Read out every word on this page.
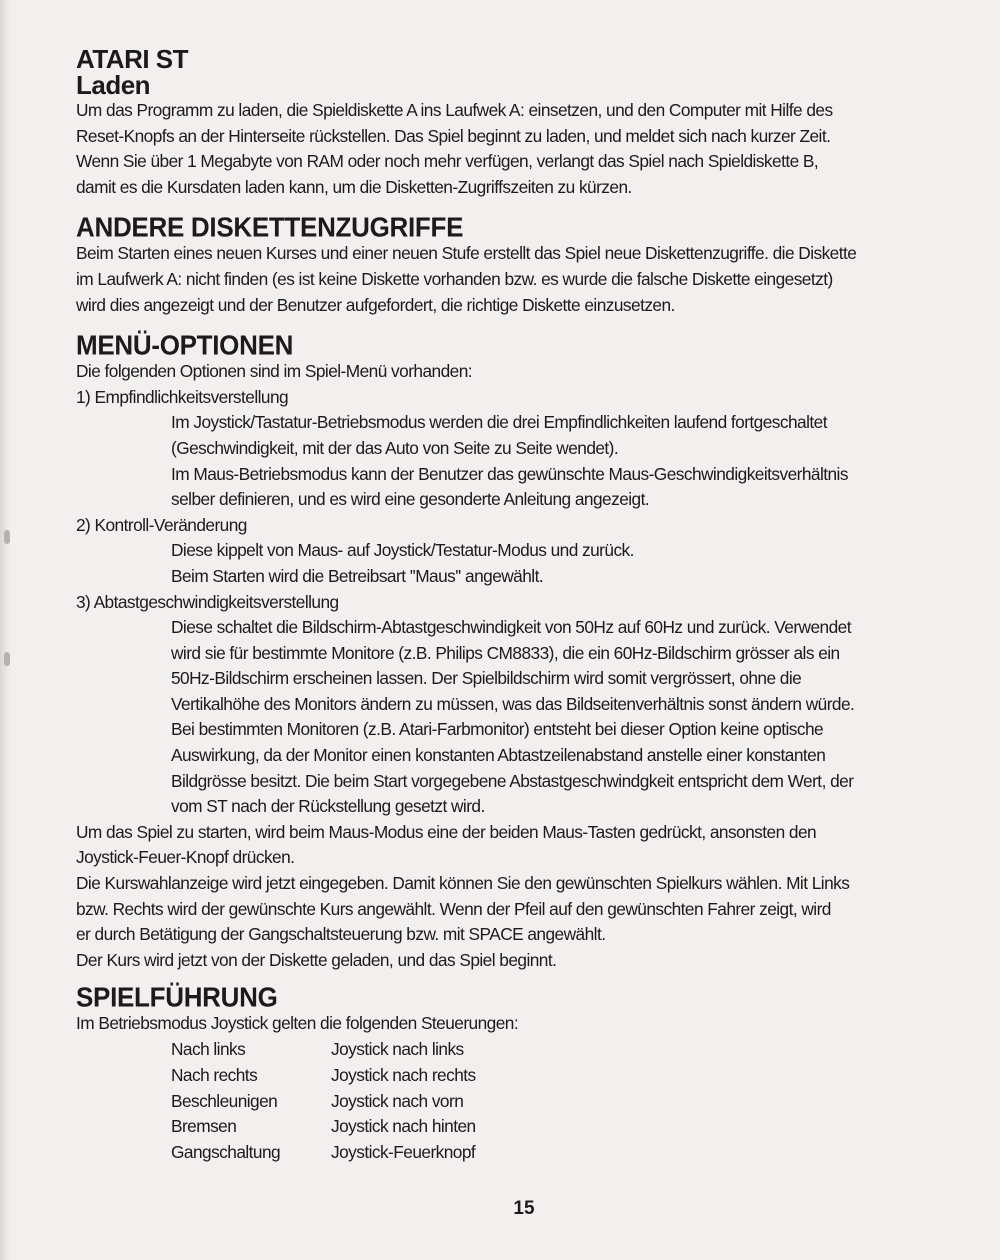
ATARI ST
Laden

Um das Programm zu laden, die Spieldiskette A ins Laufwek A: einsetzen, und den Computer mit Hilfe des

Reset-Knopfs an der Hinterseite rückstellen. Das Spiel beginnt zu laden, und meldet sich nach kurzer Zeit.

Wenn Sie über 1 Megabyte von RAM oder noch mehr verfügen, verlangt das Spiel nach Spieldiskette B,

damit es die Kursdaten laden kann, um die Disketten-Zugriffszeiten zu kürzen.

ANDERE DISKETTENZUGRIFFE

Beim Starten eines neuen Kurses und einer neuen Stufe erstellt das Spiel neue Diskettenzugriffe. die Diskette

im Laufwerk A: nicht finden (es ist keine Diskette vorhanden bzw. es wurde die falsche Diskette eingesetzt)

wird dies angezeigt und der Benutzer aufgefordert, die richtige Diskette einzusetzen.

MENÜ-OPTIONEN

Die folgenden Optionen sind im Spiel-Menü vorhanden:

1) Empfindlichkeitsverstellung

Im Joystick/Tastatur-Betriebsmodus werden die drei Empfindlichkeiten laufend fortgeschaltet

(Geschwindigkeit, mit der das Auto von Seite zu Seite wendet).

Im Maus-Betriebsmodus kann der Benutzer das gewünschte Maus-Geschwindigkeitsverhältnis

selber definieren, und es wird eine gesonderte Anleitung angezeigt.

2) Kontroll-Veränderung

Diese kippelt von Maus- auf Joystick/Testatur-Modus und zurück.

Beim Starten wird die Betreibsart ''Maus'' angewählt.

3) Abtastgeschwindigkeitsverstellung

Diese schaltet die Bildschirm-Abtastgeschwindigkeit von 50Hz auf 60Hz und zurück. Verwendet

wird sie für bestimmte Monitore (z.B. Philips CM8833), die ein 60Hz-Bildschirm grösser als ein

50Hz-Bildschirm erscheinen lassen. Der Spielbildschirm wird somit vergrössert, ohne die

Vertikalhöhe des Monitors ändern zu müssen, was das Bildseitenverhältnis sonst ändern würde.

Bei bestimmten Monitoren (z.B. Atari-Farbmonitor) entsteht bei dieser Option keine optische

Auswirkung, da der Monitor einen konstanten Abtastzeilenabstand anstelle einer konstanten

Bildgrösse besitzt. Die beim Start vorgegebene Abstastgeschwindgkeit entspricht dem Wert, der

vom ST nach der Rückstellung gesetzt wird.

Um das Spiel zu starten, wird beim Maus-Modus eine der beiden Maus-Tasten gedrückt, ansonsten den

Joystick-Feuer-Knopf drücken.

Die Kurswahlanzeige wird jetzt eingegeben. Damit können Sie den gewünschten Spielkurs wählen. Mit Links

bzw. Rechts wird der gewünschte Kurs angewählt. Wenn der Pfeil auf den gewünschten Fahrer zeigt, wird

er durch Betätigung der Gangschaltsteuerung bzw. mit SPACE angewählt.

Der Kurs wird jetzt von der Diskette geladen, und das Spiel beginnt.

SPIELFÜHRUNG

Im Betriebsmodus Joystick gelten die folgenden Steuerungen:

Nach links	Joystick nach links
Nach rechts	Joystick nach rechts
Beschleunigen	Joystick nach vorn
Bremsen	Joystick nach hinten
Gangschaltung	Joystick-Feuerknopf
15
